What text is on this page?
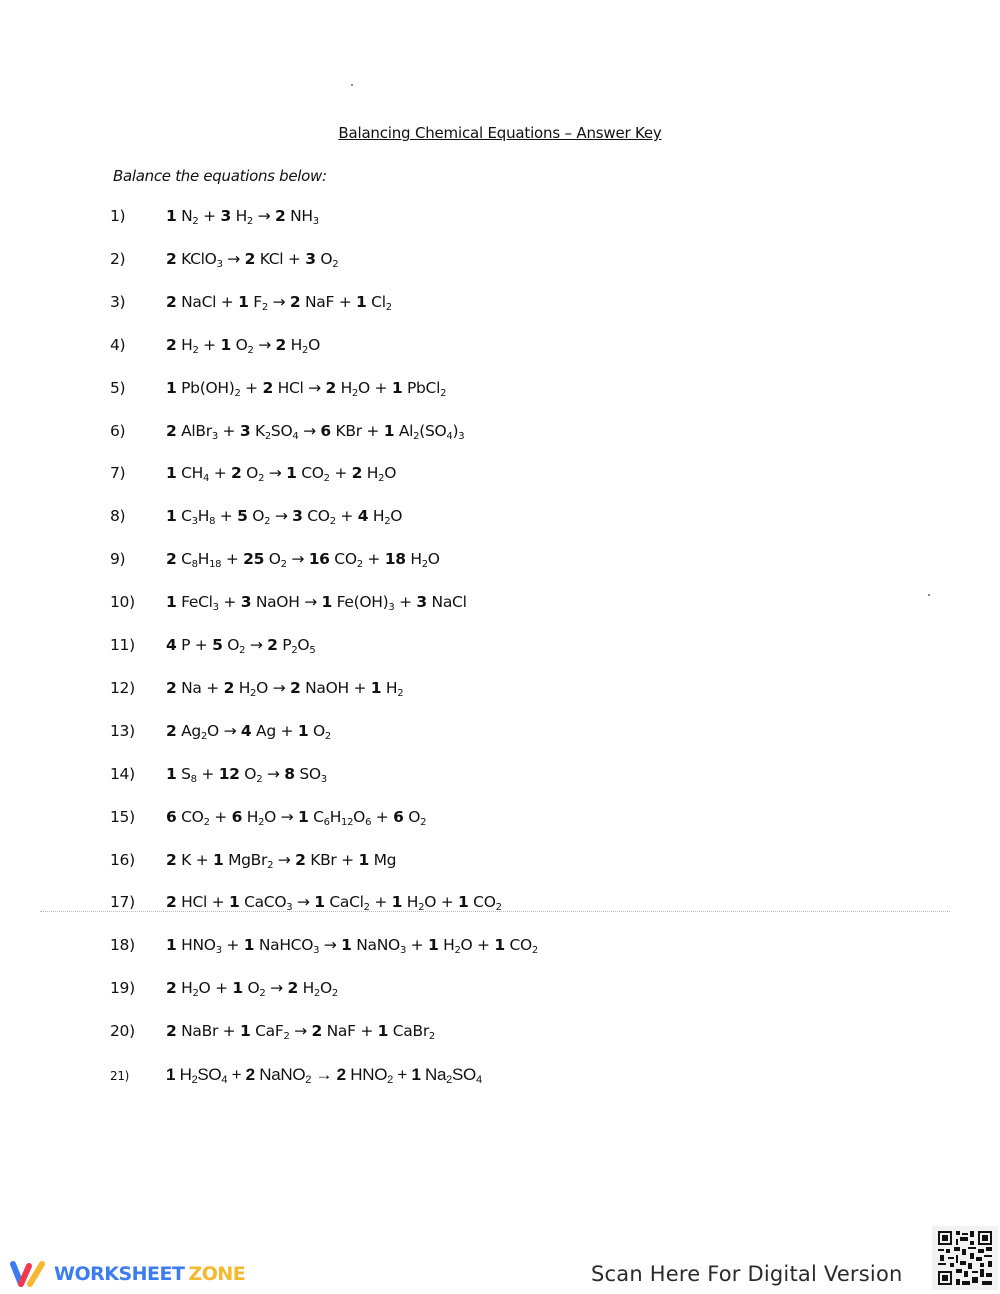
Balancing Chemical Equations – Answer Key
Balance the equations below:
1)	1 $N_2 + 3$ $H_2 \to 2$ $NH_3$
2)	2 KClO$_3$ → 2 KCl + 3 $O_2$
3)	2 NaCl + 1 $F_2 \to 2$ NaF + 1 $Cl_2$
4)	2 $H_2 + 1$ $O_2 \to 2$ $H_2O$
5)	1 $Pb(OH)_2 + 2$ HCl → 2 $H_2O + 1$ PbCl$_2$
6)	2 AlBr$_3$ + 3 $K_2SO_4 \to 6$ KBr + 1 $Al_2(SO_4)_3$
7)	1 $CH_4 + 2$ $O_2 \to 1$ $CO_2 + 2$ $H_2O$
8)	1 $C_3H_8 + 5$ $O_2 \to 3$ $CO_2 + 4$ $H_2O$
9)	2 $C_8H_{18} + 25$ $O_2 \to 16$ $CO_2 + 18$ $H_2O$
10)	1 FeCl$_3$ + 3 NaOH → 1 $Fe(OH)_3 + 3$ NaCl
11)	4 P + 5 $O_2 \to 2$ $P_2O_5$
12)	2 Na + 2 $H_2O \to 2$ NaOH + 1 $H_2$
13)	2 $Ag_2O \to 4$ Ag + 1 $O_2$
14)	1 $S_8 + 12$ $O_2 \to 8$ $SO_3$
15)	6 $CO_2 + 6$ $H_2O \to 1$ $C_6H_{12}O_6 + 6$ $O_2$
16)	2 K + 1 MgBr$_2$ → 2 KBr + 1 Mg
17)	2 HCl + 1 CaCO$_3$ → 1 CaCl$_2$ + 1 $H_2O + 1$ $CO_2$
18)	1 $HNO_3 + 1$ NaHCO$_3$ → 1 NaNO$_3$ + 1 $H_2O + 1$ $CO_2$
19)	2 $H_2O + 1$ $O_2 \to 2$ $H_2O_2$
20)	2 NaBr + 1 CaF$_2$ → 2 NaF + 1 CaBr$_2$
21)	1 $H_2SO_4 + 2$ NaNO$_2$ → 2 $HNO_2 + 1$ $Na_2SO_4$
WORKSHEET ZONE	Scan Here For Digital Version
